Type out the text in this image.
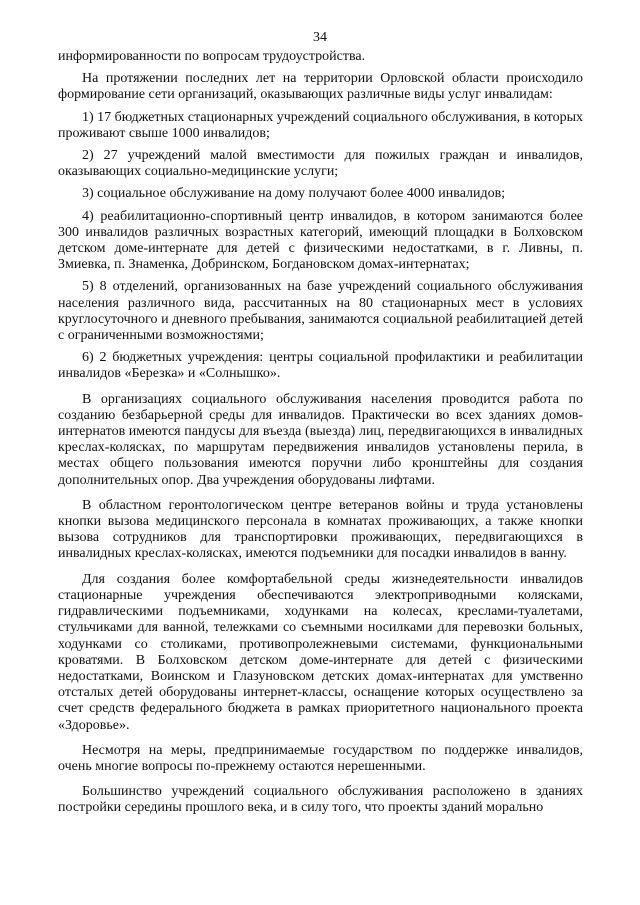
34

информированности по вопросам трудоустройства.

На протяжении последних лет на территории Орловской области происходило формирование сети организаций, оказывающих различные виды услуг инвалидам:

1) 17 бюджетных стационарных учреждений социального обслуживания, в которых проживают свыше 1000 инвалидов;

2) 27 учреждений малой вместимости для пожилых граждан и инвалидов, оказывающих социально-медицинские услуги;

3) социальное обслуживание на дому получают более 4000 инвалидов;

4) реабилитационно-спортивный центр инвалидов, в котором занимаются более 300 инвалидов различных возрастных категорий, имеющий площадки в Болховском детском доме-интернате для детей с физическими недостатками, в г. Ливны, п. Змиевка, п. Знаменка, Добринском, Богдановском домах-интернатах;

5) 8 отделений, организованных на базе учреждений социального обслуживания населения различного вида, рассчитанных на 80 стационарных мест в условиях круглосуточного и дневного пребывания, занимаются социальной реабилитацией детей с ограниченными возможностями;

6) 2 бюджетных учреждения: центры социальной профилактики и реабилитации инвалидов «Березка» и «Солнышко».

В организациях социального обслуживания населения проводится работа по созданию безбарьерной среды для инвалидов. Практически во всех зданиях домов-интернатов имеются пандусы для въезда (выезда) лиц, передвигающихся в инвалидных креслах-колясках, по маршрутам передвижения инвалидов установлены перила, в местах общего пользования имеются поручни либо кронштейны для создания дополнительных опор. Два учреждения оборудованы лифтами.

В областном геронтологическом центре ветеранов войны и труда установлены кнопки вызова медицинского персонала в комнатах проживающих, а также кнопки вызова сотрудников для транспортировки проживающих, передвигающихся в инвалидных креслах-колясках, имеются подъемники для посадки инвалидов в ванну.

Для создания более комфортабельной среды жизнедеятельности инвалидов стационарные учреждения обеспечиваются электроприводными колясками, гидравлическими подъемниками, ходунками на колесах, креслами-туалетами, стульчиками для ванной, тележками со съемными носилками для перевозки больных, ходунками со столиками, противопролежневыми системами, функциональными кроватями. В Болховском детском доме-интернате для детей с физическими недостатками, Воинском и Глазуновском детских домах-интернатах для умственно отсталых детей оборудованы интернет-классы, оснащение которых осуществлено за счет средств федерального бюджета в рамках приоритетного национального проекта «Здоровье».

Несмотря на меры, предпринимаемые государством по поддержке инвалидов, очень многие вопросы по-прежнему остаются нерешенными.

Большинство учреждений социального обслуживания расположено в зданиях постройки середины прошлого века, и в силу того, что проекты зданий морально
